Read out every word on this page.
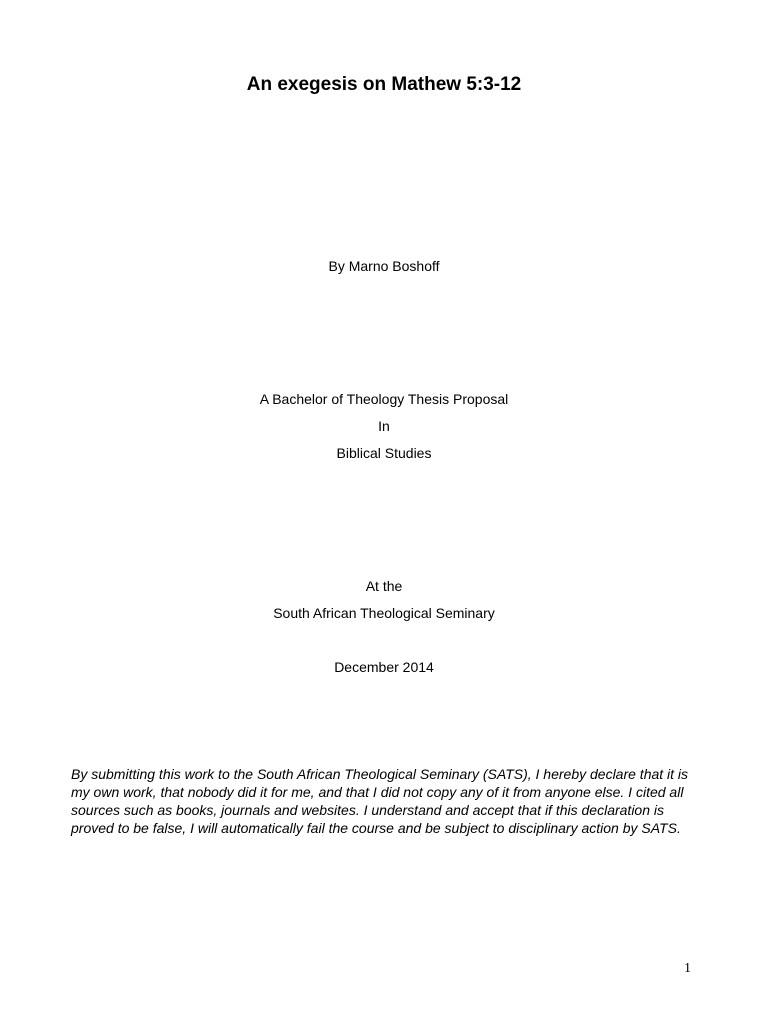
An exegesis on Mathew 5:3-12
By Marno Boshoff
A Bachelor of Theology Thesis Proposal
In
Biblical Studies
At the
South African Theological Seminary
December 2014
By submitting this work to the South African Theological Seminary (SATS), I hereby declare that it is my own work, that nobody did it for me, and that I did not copy any of it from anyone else. I cited all sources such as books, journals and websites. I understand and accept that if this declaration is proved to be false, I will automatically fail the course and be subject to disciplinary action by SATS.
1
